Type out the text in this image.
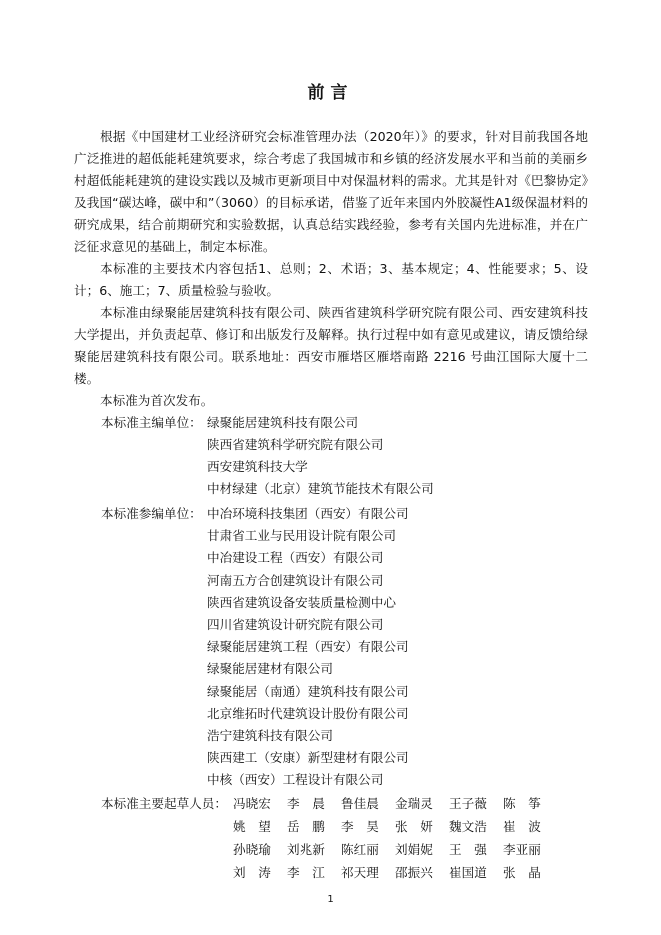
前言

根据《中国建材工业经济研究会标准管理办法（2020年）》的要求，针对目前我国各地广泛推进的超低能耗建筑要求，综合考虑了我国城市和乡镇的经济发展水平和当前的美丽乡村超低能耗建筑的建设实践以及城市更新项目中对保温材料的需求。尤其是针对《巴黎协定》及我国“碳达峰，碳中和”（3060）的目标承诺，借鉴了近年来国内外胶凝性A1级保温材料的研究成果，结合前期研究和实验数据，认真总结实践经验，参考有关国内先进标准，并在广泛征求意见的基础上，制定本标准。

本标准的主要技术内容包括1、总则；2、术语；3、基本规定；4、性能要求；5、设计；6、施工；7、质量检验与验收。

本标准由绿聚能居建筑科技有限公司、陕西省建筑科学研究院有限公司、西安建筑科技大学提出，并负责起草、修订和出版发行及解释。执行过程中如有意见或建议，请反馈给绿聚能居建筑科技有限公司。联系地址：西安市雁塔区雁塔南路 2216 号曲江国际大厦十二楼。

本标准为首次发布。

本标准主编单位： 绿聚能居建筑科技有限公司
陕西省建筑科学研究院有限公司
西安建筑科技大学
中材绿建（北京）建筑节能技术有限公司
本标准参编单位： 中冶环境科技集团（西安）有限公司
甘肃省工业与民用设计院有限公司
中冶建设工程（西安）有限公司
河南五方合创建筑设计有限公司
陕西省建筑设备安装质量检测中心
四川省建筑设计研究院有限公司
绿聚能居建筑工程（西安）有限公司
绿聚能居建材有限公司
绿聚能居（南通）建筑科技有限公司
北京维拓时代建筑设计股份有限公司
浩宁建筑科技有限公司
陕西建工（安康）新型建材有限公司
中核（西安）工程设计有限公司
本标准主要起草人员： 冯晓宏 李　晨 鲁佳晨 金瑞灵 王子薇 陈　筝
姚　望 岳　鹏 李　昊 张　妍 魏文浩 崔　波
孙晓瑜 刘兆新 陈红丽 刘娟妮 王　强 李亚丽
刘　涛 李　江 祁天理 邵振兴 崔国道 张　晶
1
